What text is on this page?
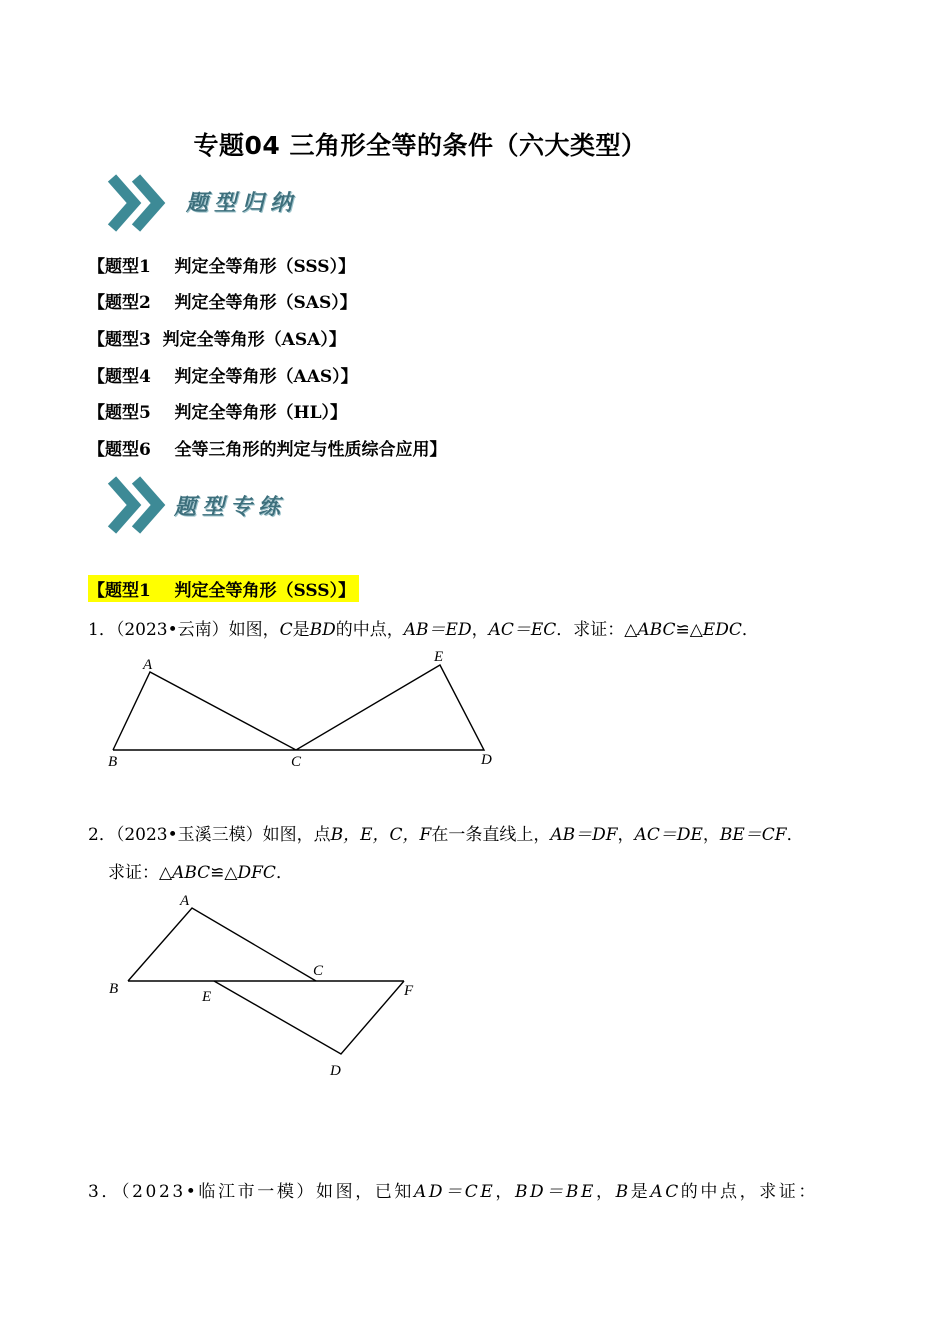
专题04 三角形全等的条件（六大类型）
题型归纳
【题型1    判定全等角形（SSS）】
【题型2    判定全等角形（SAS）】
【题型3  判定全等角形（ASA）】
【题型4    判定全等角形（AAS）】
【题型5    判定全等角形（HL）】
【题型6    全等三角形的判定与性质综合应用】
题型专练
【题型1    判定全等角形（SSS）】
1．（2023•云南）如图，C是BD的中点，AB＝ED，AC＝EC．求证：△ABC≌△EDC．
A
B	C	D
E
2．（2023•玉溪三模）如图，点B，E，C，F在一条直线上，AB＝DF，AC＝DE，BE＝CF．
求证：△ABC≌△DFC．
A
B
C
D
E	F
3．（2023•临江市一模）如图，已知AD＝CE，BD＝BE，B是AC的中点，求证：
